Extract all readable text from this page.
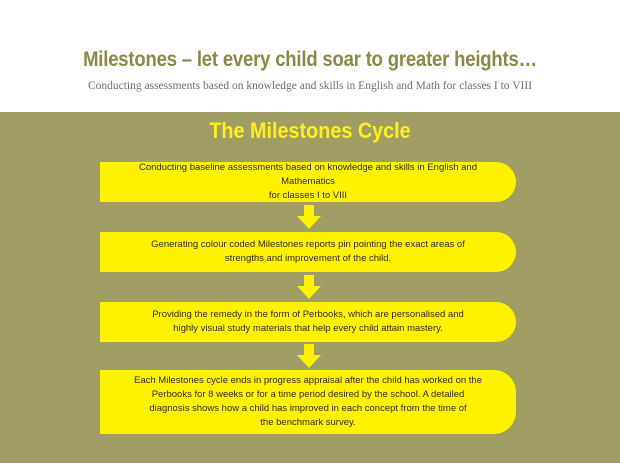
Milestones – let every child soar to greater heights…
Conducting assessments based on knowledge and skills in English and Math for classes I to VIII
The Milestones Cycle
Conducting baseline assessments based on knowledge and skills in English and Mathematics
for classes I to VIII
Generating colour coded Milestones reports pin pointing the exact areas of
strengths and improvement of the child.
Providing the remedy in the form of Perbooks, which are personalised and
highly visual study materials that help every child attain mastery.
Each Milestones cycle ends in progress appraisal after the child has worked on the
Perbooks for 8 weeks or for a time period desired by the school. A detailed
diagnosis shows how a child has improved in each concept from the time of
the benchmark survey.
